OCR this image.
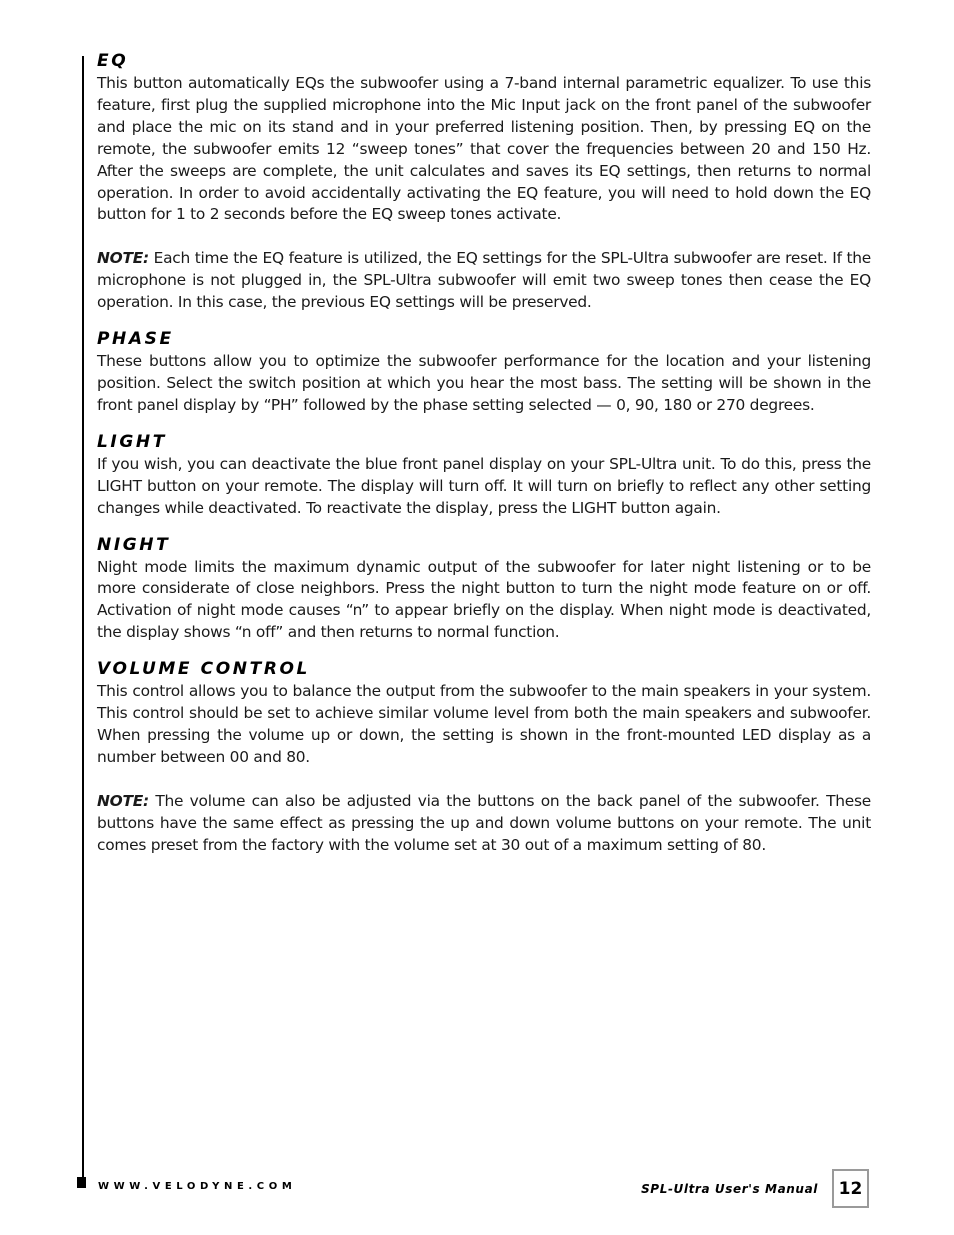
EQ

This button automatically EQs the subwoofer using a 7-band internal parametric equalizer. To use this feature, first plug the supplied microphone into the Mic Input jack on the front panel of the subwoofer and place the mic on its stand and in your preferred listening position. Then, by pressing EQ on the remote, the subwoofer emits 12 “sweep tones” that cover the frequencies between 20 and 150 Hz. After the sweeps are complete, the unit calculates and saves its EQ settings, then returns to normal operation. In order to avoid accidentally activating the EQ feature, you will need to hold down the EQ button for 1 to 2 seconds before the EQ sweep tones activate.

NOTE: Each time the EQ feature is utilized, the EQ settings for the SPL-Ultra subwoofer are reset. If the microphone is not plugged in, the SPL-Ultra subwoofer will emit two sweep tones then cease the EQ operation. In this case, the previous EQ settings will be preserved.

PHASE

These buttons allow you to optimize the subwoofer performance for the location and your listening position. Select the switch position at which you hear the most bass. The setting will be shown in the front panel display by “PH” followed by the phase setting selected — 0, 90, 180 or 270 degrees.

LIGHT

If you wish, you can deactivate the blue front panel display on your SPL-Ultra unit. To do this, press the LIGHT button on your remote. The display will turn off. It will turn on briefly to reflect any other setting changes while deactivated. To reactivate the display, press the LIGHT button again.

NIGHT

Night mode limits the maximum dynamic output of the subwoofer for later night listening or to be more considerate of close neighbors. Press the night button to turn the night mode feature on or off. Activation of night mode causes “n” to appear briefly on the display. When night mode is deactivated, the display shows “n off” and then returns to normal function.

VOLUME CONTROL

This control allows you to balance the output from the subwoofer to the main speakers in your system. This control should be set to achieve similar volume level from both the main speakers and subwoofer. When pressing the volume up or down, the setting is shown in the front-mounted LED display as a number between 00 and 80.

NOTE: The volume can also be adjusted via the buttons on the back panel of the subwoofer. These buttons have the same effect as pressing the up and down volume buttons on your remote. The unit comes preset from the factory with the volume set at 30 out of a maximum setting of 80.

WWW.VELODYNE.COM	SPL-Ultra User's Manual 12
